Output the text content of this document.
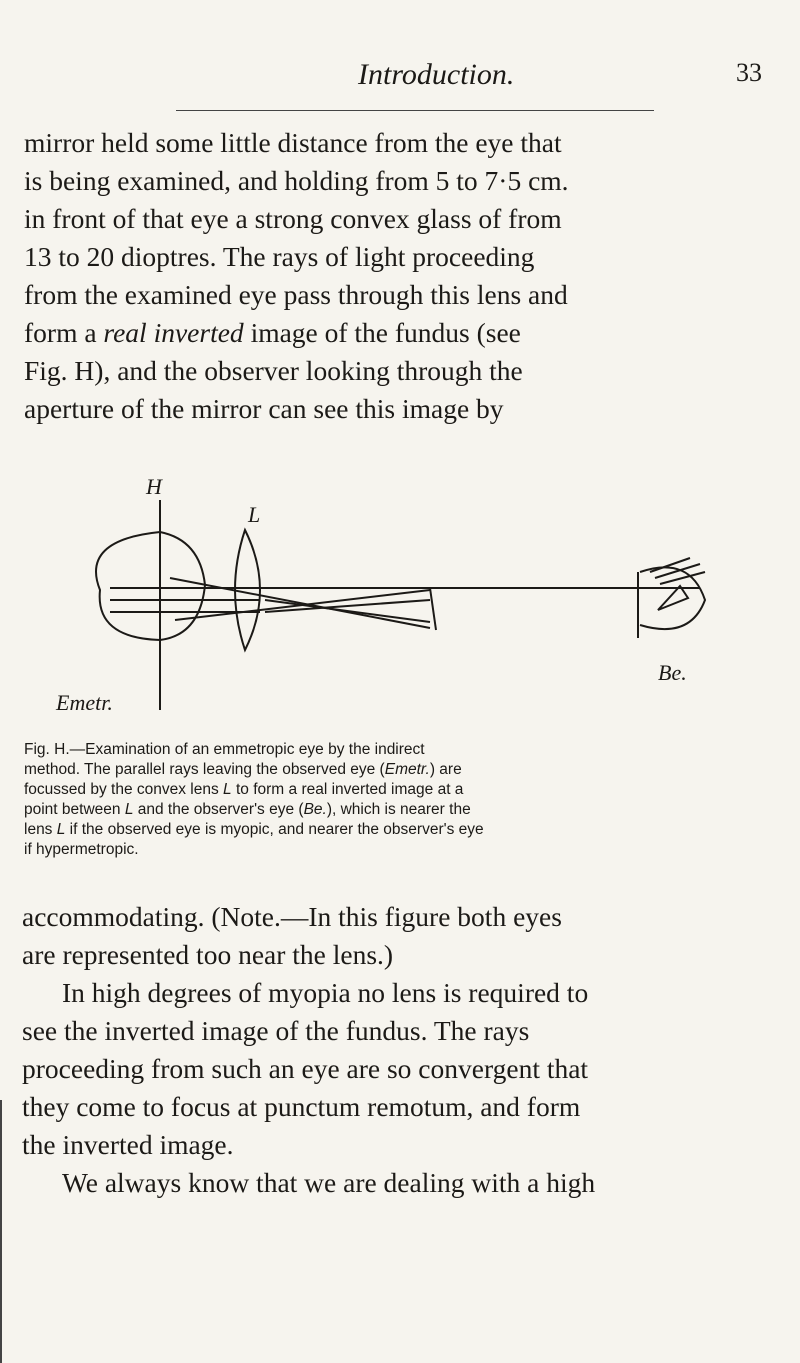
Introduction.	33

mirror held some little distance from the eye that
is being examined, and holding from 5 to 7·5 cm.
in front of that eye a strong convex glass of from
13 to 20 dioptres. The rays of light proceeding
from the examined eye pass through this lens and
form a real inverted image of the fundus (see
Fig. H), and the observer looking through the
aperture of the mirror can see this image by

H
L
Emetr.
Be.

Fig. H.—Examination of an emmetropic eye by the indirect
method. The parallel rays leaving the observed eye (Emetr.) are
focussed by the convex lens L to form a real inverted image at a
point between L and the observer's eye (Be.), which is nearer the
lens L if the observed eye is myopic, and nearer the observer's eye
if hypermetropic.

accommodating. (Note.—In this figure both eyes
are represented too near the lens.)
In high degrees of myopia no lens is required to
see the inverted image of the fundus. The rays
proceeding from such an eye are so convergent that
they come to focus at punctum remotum, and form
the inverted image.
We always know that we are dealing with a high
